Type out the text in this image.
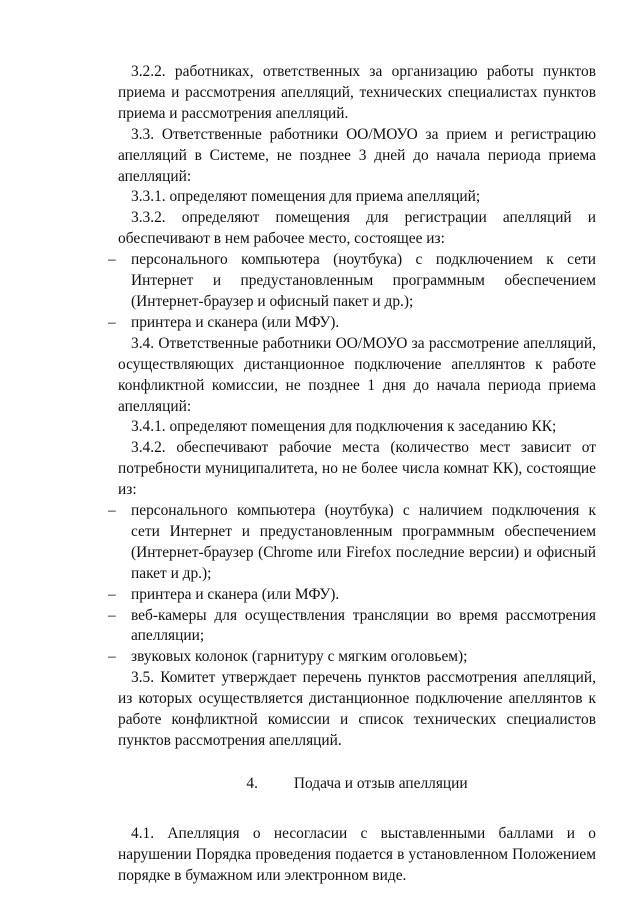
3.2.2. работниках, ответственных за организацию работы пунктов приема и рассмотрения апелляций, технических специалистах пунктов приема и рассмотрения апелляций.

3.3. Ответственные работники ОО/МОУО за прием и регистрацию апелляций в Системе, не позднее 3 дней до начала периода приема апелляций:

3.3.1. определяют помещения для приема апелляций;

3.3.2. определяют помещения для регистрации апелляций и обеспечивают в нем рабочее место, состоящее из:

– персонального компьютера (ноутбука) с подключением к сети Интернет и предустановленным программным обеспечением (Интернет-браузер и офисный пакет и др.);
– принтера и сканера (или МФУ).

3.4. Ответственные работники ОО/МОУО за рассмотрение апелляций, осуществляющих дистанционное подключение апеллянтов к работе конфликтной комиссии, не позднее 1 дня до начала периода приема апелляций:

3.4.1. определяют помещения для подключения к заседанию КК;

3.4.2. обеспечивают рабочие места (количество мест зависит от потребности муниципалитета, но не более числа комнат КК), состоящие из:

– персонального компьютера (ноутбука) с наличием подключения к сети Интернет и предустановленным программным обеспечением (Интернет-браузер (Chrome или Firefox последние версии) и офисный пакет и др.);
– принтера и сканера (или МФУ).
– веб-камеры для осуществления трансляции во время рассмотрения апелляции;
– звуковых колонок (гарнитуру с мягким оголовьем);

3.5. Комитет утверждает перечень пунктов рассмотрения апелляций, из которых осуществляется дистанционное подключение апеллянтов к работе конфликтной комиссии и список технических специалистов пунктов рассмотрения апелляций.

4. Подача и отзыв апелляции

4.1. Апелляция о несогласии с выставленными баллами и о нарушении Порядка проведения подается в установленном Положением порядке в бумажном или электронном виде.
